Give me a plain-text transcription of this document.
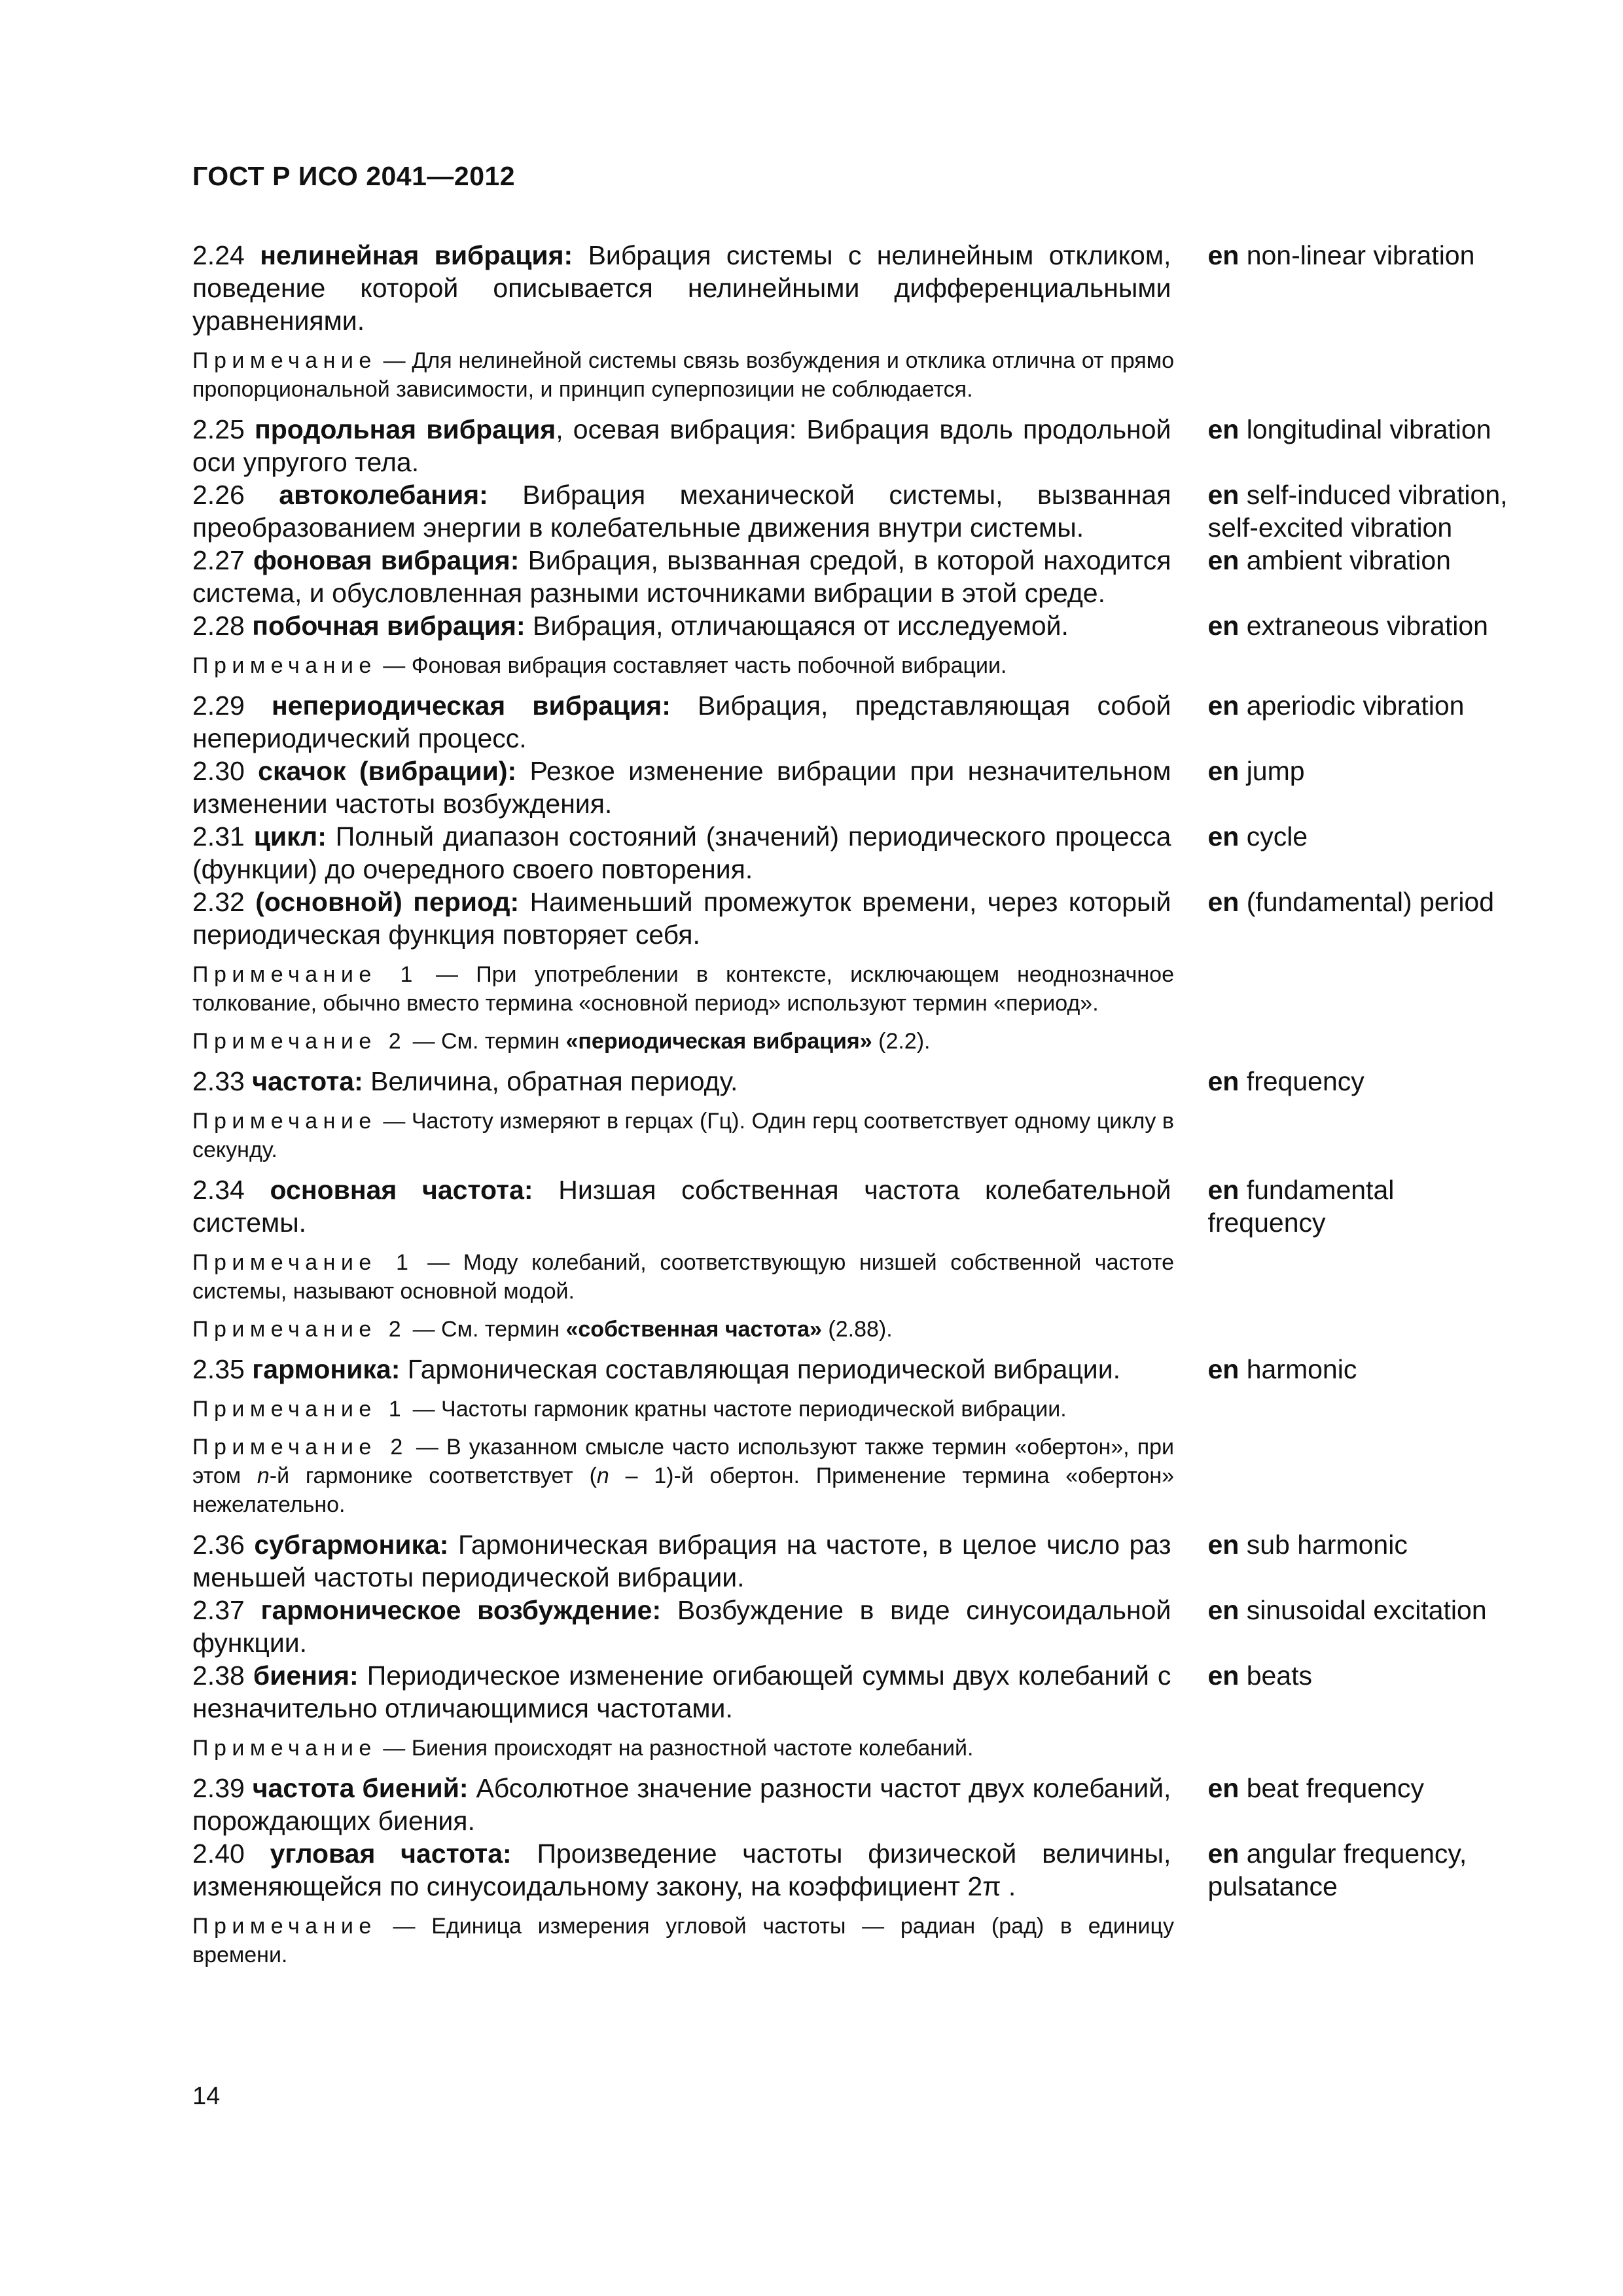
ГОСТ Р ИСО 2041—2012
2.24 нелинейная вибрация: Вибрация системы с нелинейным откликом, поведение которой описывается нелинейными дифференциальными уравнениями.
en non-linear vibration
Примечание — Для нелинейной системы связь возбуждения и отклика отлична от прямо пропорциональной зависимости, и принцип суперпозиции не соблюдается.
2.25 продольная вибрация, осевая вибрация: Вибрация вдоль продольной оси упругого тела.
en longitudinal vibration
2.26 автоколебания: Вибрация механической системы, вызванная преобразованием энергии в колебательные движения внутри системы.
en self-induced vibration, self-excited vibration
2.27 фоновая вибрация: Вибрация, вызванная средой, в которой находится система, и обусловленная разными источниками вибрации в этой среде.
en ambient vibration
2.28 побочная вибрация: Вибрация, отличающаяся от исследуемой.	en extraneous vibration
Примечание — Фоновая вибрация составляет часть побочной вибрации.
2.29 непериодическая вибрация: Вибрация, представляющая собой непериодический процесс.
en aperiodic vibration
2.30 скачок (вибрации): Резкое изменение вибрации при незначительном изменении частоты возбуждения.
en jump
2.31 цикл: Полный диапазон состояний (значений) периодического процесса (функции) до очередного своего повторения.
en cycle
2.32 (основной) период: Наименьший промежуток времени, через который периодическая функция повторяет себя.
en (fundamental) period
Примечание 1 — При употреблении в контексте, исключающем неоднозначное толкование, обычно вместо термина «основной период» используют термин «период».
Примечание 2 — См. термин «периодическая вибрация» (2.2).
2.33 частота: Величина, обратная периоду.	en frequency
Примечание — Частоту измеряют в герцах (Гц). Один герц соответствует одному циклу в секунду.
2.34 основная частота: Низшая собственная частота колебательной системы.
en fundamental frequency
Примечание 1 — Моду колебаний, соответствующую низшей собственной частоте системы, называют основной модой.
Примечание 2 — См. термин «собственная частота» (2.88).
2.35 гармоника: Гармоническая составляющая периодической вибрации.	en harmonic
Примечание 1 — Частоты гармоник кратны частоте периодической вибрации.
Примечание 2 — В указанном смысле часто используют также термин «обертон», при этом n-й гармонике соответствует (n – 1)-й обертон. Применение термина «обертон» нежелательно.
2.36 субгармоника: Гармоническая вибрация на частоте, в целое число раз меньшей частоты периодической вибрации.
en sub harmonic
2.37 гармоническое возбуждение: Возбуждение в виде синусоидальной функции.
en sinusoidal excitation
2.38 биения: Периодическое изменение огибающей суммы двух колебаний с незначительно отличающимися частотами.
en beats
Примечание — Биения происходят на разностной частоте колебаний.
2.39 частота биений: Абсолютное значение разности частот двух колебаний, порождающих биения.
en beat frequency
2.40 угловая частота: Произведение частоты физической величины, изменяющейся по синусоидальному закону, на коэффициент 2π .
en angular frequency, pulsatance
Примечание — Единица измерения угловой частоты — радиан (рад) в единицу времени.
14
